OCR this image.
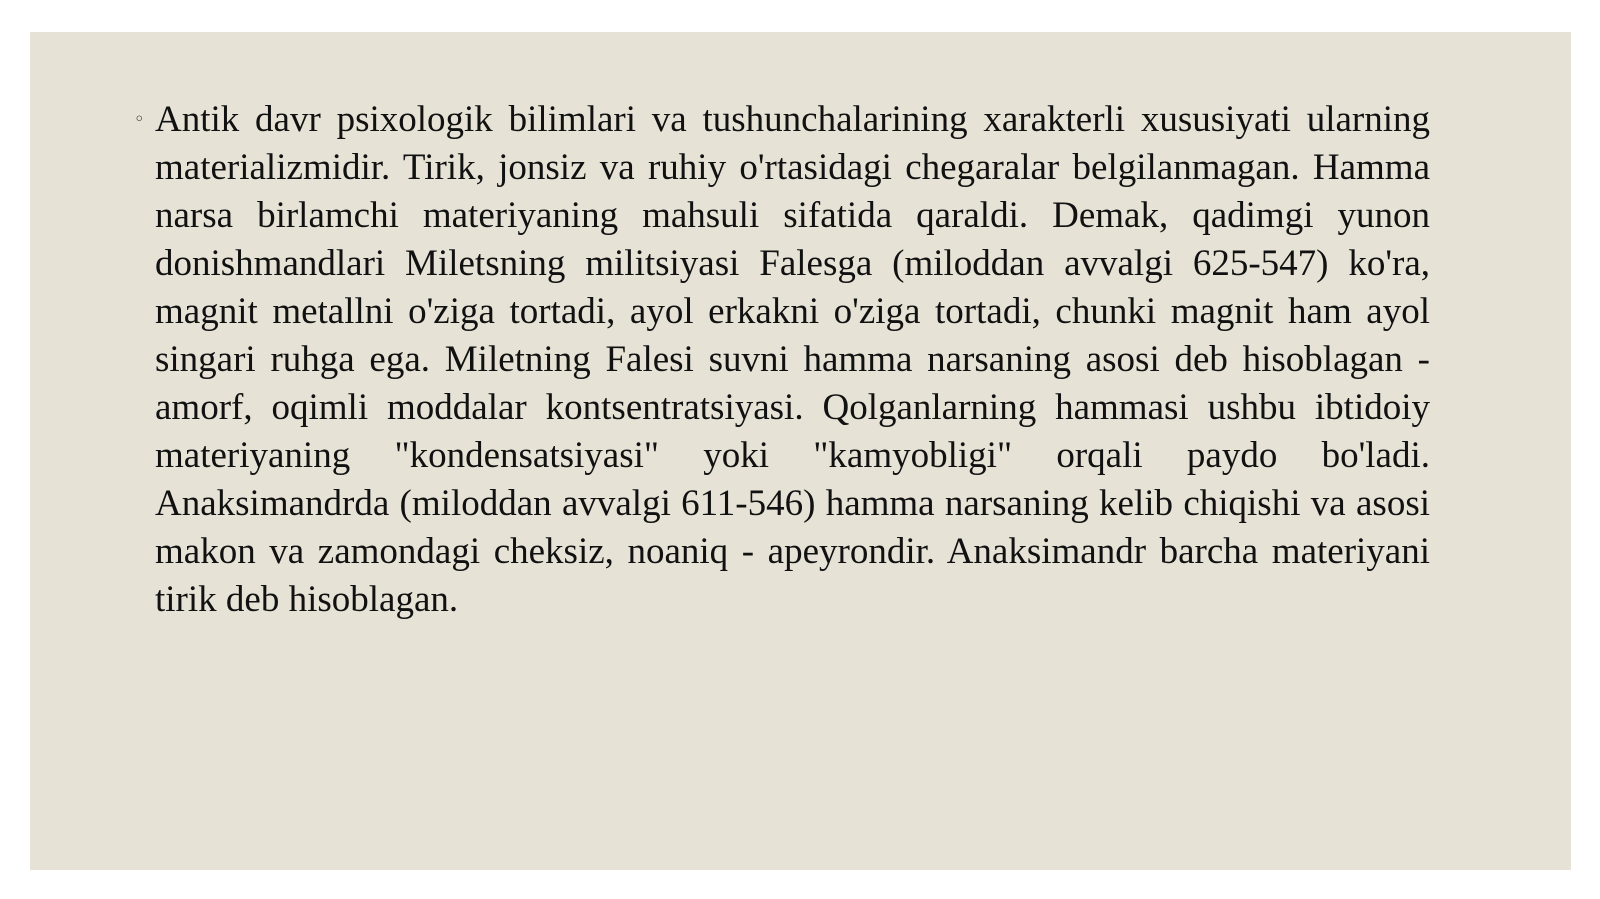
◦ Antik davr psixologik bilimlari va tushunchalarining xarakterli xususiyati ularning materializmidir. Tirik, jonsiz va ruhiy o'rtasidagi chegaralar belgilanmagan. Hamma narsa birlamchi materiyaning mahsuli sifatida qaraldi. Demak, qadimgi yunon donishmandlari Miletsning militsiyasi Falesga (miloddan avvalgi 625-547) ko'ra, magnit metallni o'ziga tortadi, ayol erkakni o'ziga tortadi, chunki magnit ham ayol singari ruhga ega. Miletning Falesi suvni hamma narsaning asosi deb hisoblagan - amorf, oqimli moddalar kontsentratsiyasi. Qolganlarning hammasi ushbu ibtidoiy materiyaning "kondensatsiyasi" yoki "kamyobligi" orqali paydo bo'ladi. Anaksimandrda (miloddan avvalgi 611-546) hamma narsaning kelib chiqishi va asosi makon va zamondagi cheksiz, noaniq - apeyrondir. Anaksimandr barcha materiyani tirik deb hisoblagan.
